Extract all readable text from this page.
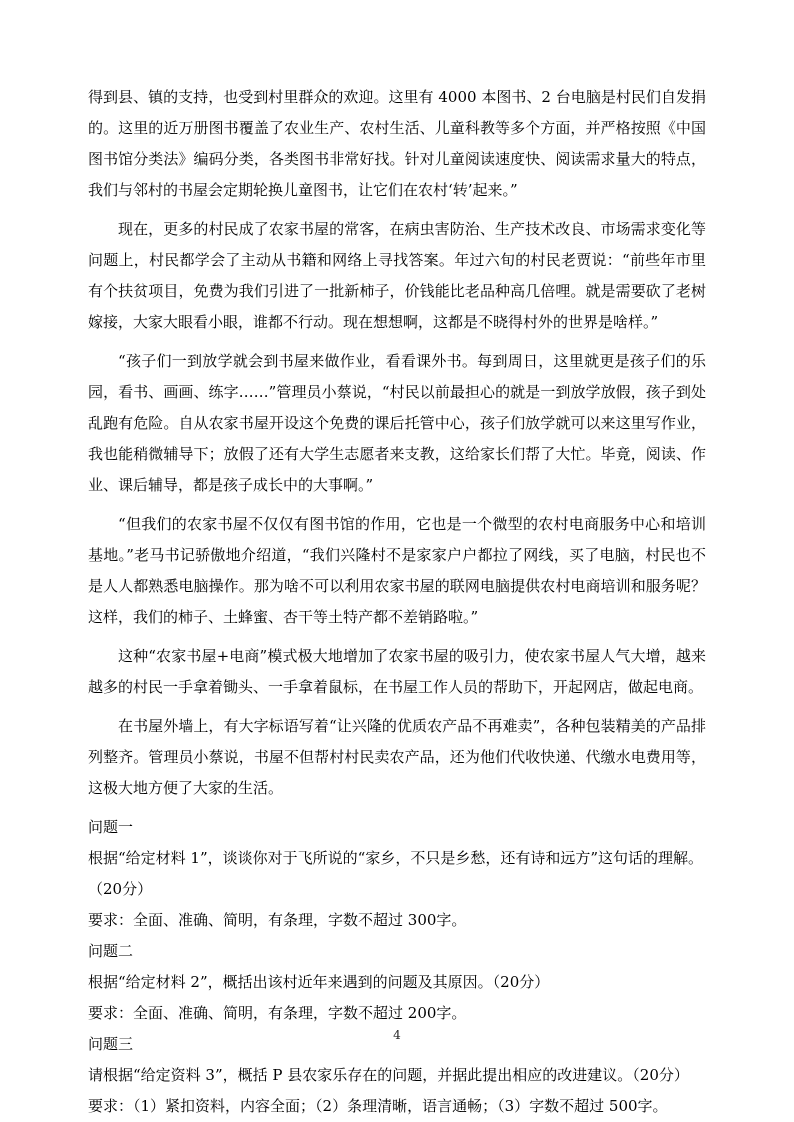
得到县、镇的支持，也受到村里群众的欢迎。这里有 4000 本图书、2 台电脑是村民们自发捐的。这里的近万册图书覆盖了农业生产、农村生活、儿童科教等多个方面，并严格按照《中国图书馆分类法》编码分类，各类图书非常好找。针对儿童阅读速度快、阅读需求量大的特点，我们与邻村的书屋会定期轮换儿童图书，让它们在农村‘转’起来。”

现在，更多的村民成了农家书屋的常客，在病虫害防治、生产技术改良、市场需求变化等问题上，村民都学会了主动从书籍和网络上寻找答案。年过六旬的村民老贾说：“前些年市里有个扶贫项目，免费为我们引进了一批新柿子，价钱能比老品种高几倍哩。就是需要砍了老树嫁接，大家大眼看小眼，谁都不行动。现在想想啊，这都是不晓得村外的世界是啥样。”

“孩子们一到放学就会到书屋来做作业，看看课外书。每到周日，这里就更是孩子们的乐园，看书、画画、练字……”管理员小蔡说，“村民以前最担心的就是一到放学放假，孩子到处乱跑有危险。自从农家书屋开设这个免费的课后托管中心，孩子们放学就可以来这里写作业，我也能稍微辅导下；放假了还有大学生志愿者来支教，这给家长们帮了大忙。毕竟，阅读、作业、课后辅导，都是孩子成长中的大事啊。”

“但我们的农家书屋不仅仅有图书馆的作用，它也是一个微型的农村电商服务中心和培训基地。”老马书记骄傲地介绍道，“我们兴隆村不是家家户户都拉了网线，买了电脑，村民也不是人人都熟悉电脑操作。那为啥不可以利用农家书屋的联网电脑提供农村电商培训和服务呢？这样，我们的柿子、土蜂蜜、杏干等土特产都不差销路啦。”

这种“农家书屋+电商”模式极大地增加了农家书屋的吸引力，使农家书屋人气大增，越来越多的村民一手拿着锄头、一手拿着鼠标，在书屋工作人员的帮助下，开起网店，做起电商。

在书屋外墙上，有大字标语写着“让兴隆的优质农产品不再难卖”，各种包装精美的产品排列整齐。管理员小蔡说，书屋不但帮村村民卖农产品，还为他们代收快递、代缴水电费用等，这极大地方便了大家的生活。

问题一

根据“给定材料 1”，谈谈你对于飞所说的“家乡，不只是乡愁，还有诗和远方”这句话的理解。（20分）

要求：全面、准确、简明，有条理，字数不超过 300字。

问题二

根据“给定材料 2”，概括出该村近年来遇到的问题及其原因。（20分）

要求：全面、准确、简明，有条理，字数不超过 200字。

问题三

请根据“给定资料 3”，概括 P 县农家乐存在的问题，并据此提出相应的改进建议。（20分）

要求：（1）紧扣资料，内容全面；（2）条理清晰，语言通畅；（3）字数不超过 500字。

4
